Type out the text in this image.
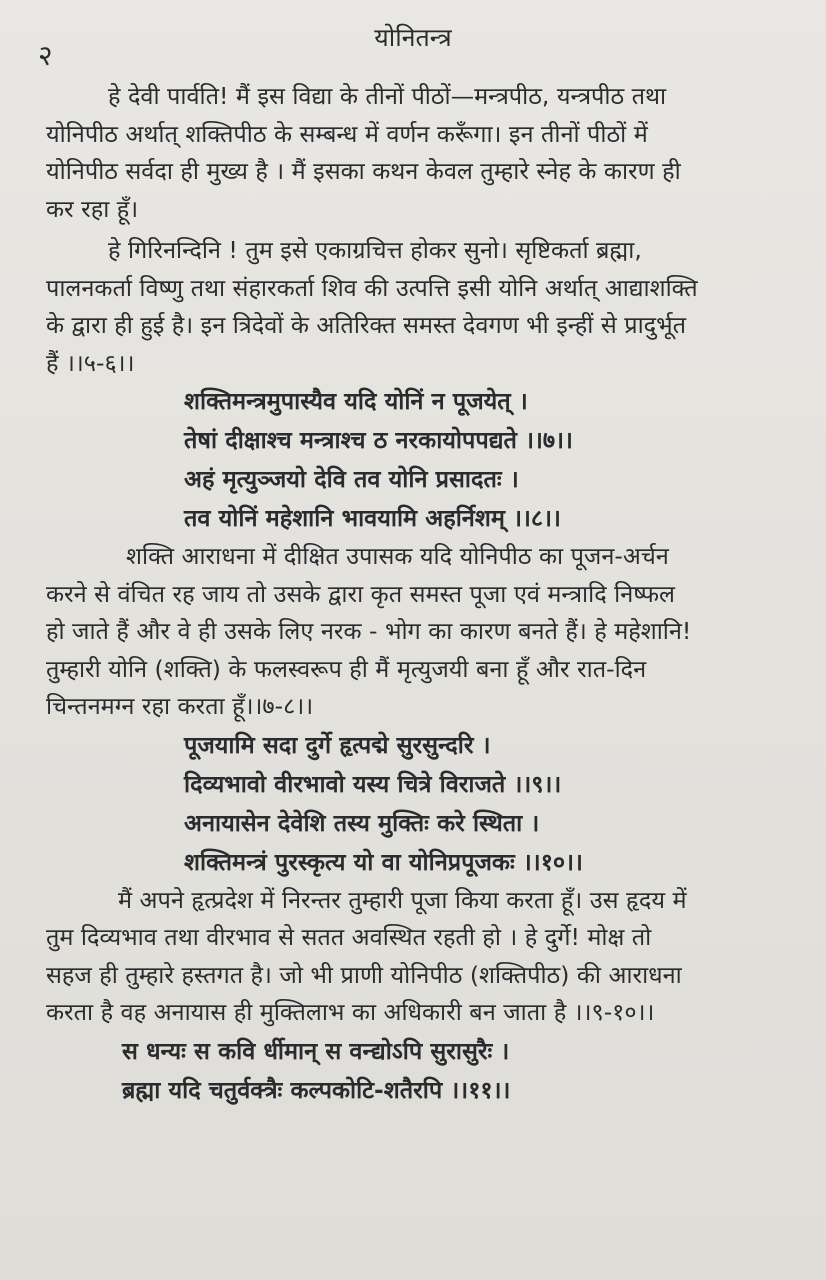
२
योनितन्त्र

हे देवी पार्वति! मैं इस विद्या के तीनों पीठों—मन्त्रपीठ, यन्त्रपीठ तथा
योनिपीठ अर्थात् शक्तिपीठ के सम्बन्ध में वर्णन करूँगा। इन तीनों पीठों में
योनिपीठ सर्वदा ही मुख्य है । मैं इसका कथन केवल तुम्हारे स्नेह के कारण ही
कर रहा हूँ।

हे गिरिनन्दिनि ! तुम इसे एकाग्रचित्त होकर सुनो। सृष्टिकर्ता ब्रह्मा,
पालनकर्ता विष्णु तथा संहारकर्ता शिव की उत्पत्ति इसी योनि अर्थात् आद्याशक्ति
के द्वारा ही हुई है। इन त्रिदेवों के अतिरिक्त समस्त देवगण भी इन्हीं से प्रादुर्भूत
हैं ।।५-६।।

शक्तिमन्त्रमुपास्यैव यदि योनिं न पूजयेत् ।
तेषां दीक्षाश्च मन्त्राश्च ठ नरकायोपपद्यते ।।७।।
अहं मृत्युञ्जयो देवि तव योनि प्रसादतः ।
तव योनिं महेशानि भावयामि अहर्निशम् ।।८।।

शक्ति आराधना में दीक्षित उपासक यदि योनिपीठ का पूजन-अर्चन
करने से वंचित रह जाय तो उसके द्वारा कृत समस्त पूजा एवं मन्त्रादि निष्फल
हो जाते हैं और वे ही उसके लिए नरक - भोग का कारण बनते हैं। हे महेशानि!
तुम्हारी योनि (शक्ति) के फलस्वरूप ही मैं मृत्युजयी बना हूँ और रात-दिन
चिन्तनमग्न रहा करता हूँ।।७-८।।

पूजयामि सदा दुर्गे हृत्पद्मे सुरसुन्दरि ।
दिव्यभावो वीरभावो यस्य चित्रे विराजते ।।९।।
अनायासेन देवेशि तस्य मुक्तिः करे स्थिता ।
शक्तिमन्त्रं पुरस्कृत्य यो वा योनिप्रपूजकः ।।१०।।

मैं अपने हृत्प्रदेश में निरन्तर तुम्हारी पूजा किया करता हूँ। उस हृदय में
तुम दिव्यभाव तथा वीरभाव से सतत अवस्थित रहती हो । हे दुर्गे! मोक्ष तो
सहज ही तुम्हारे हस्तगत है। जो भी प्राणी योनिपीठ (शक्तिपीठ) की आराधना
करता है वह अनायास ही मुक्तिलाभ का अधिकारी बन जाता है ।।९-१०।।

स धन्यः स कवि र्धीमान् स वन्द्योऽपि सुरासुरैः ।
ब्रह्मा यदि चतुर्वक्त्रैः कल्पकोटि-शतैरपि ।।११।।
